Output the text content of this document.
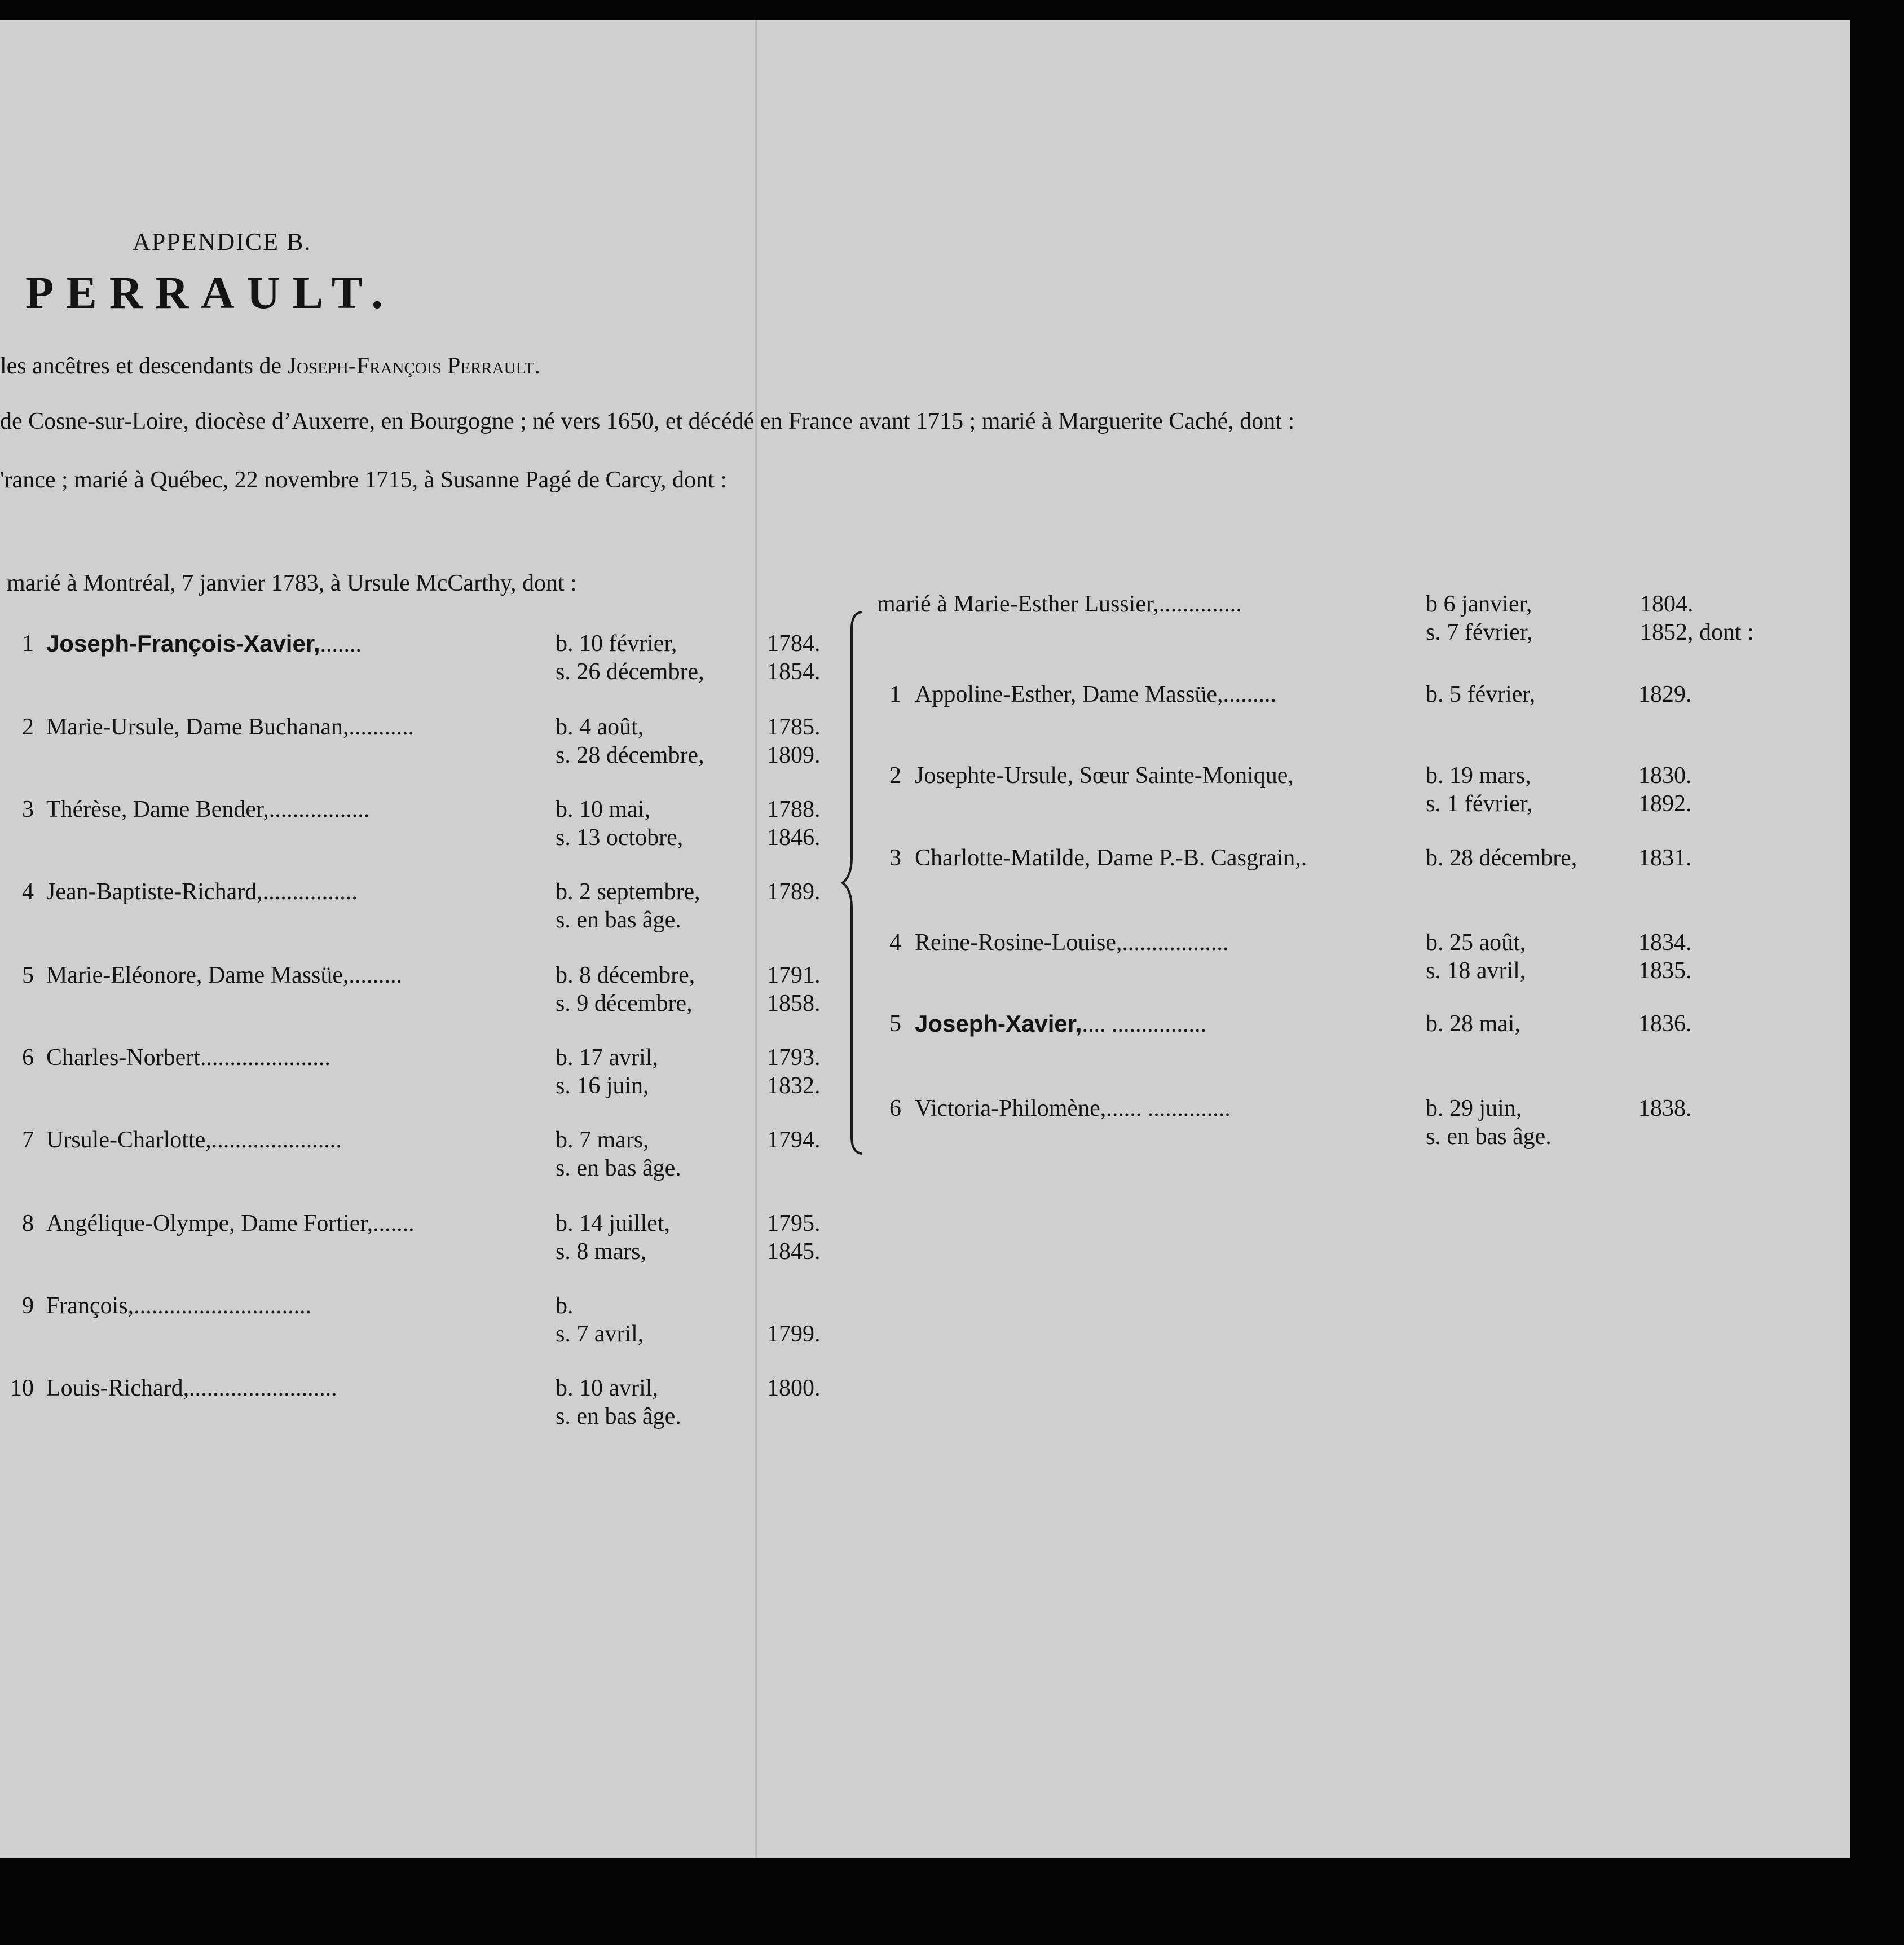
APPENDICE B.
PERRAULT.
les ancêtres et descendants de Joseph-François Perrault.
de Cosne-sur-Loire, diocèse d’Auxerre, en Bourgogne ; né vers 1650, et décédé en France avant 1715 ; marié à Marguerite Caché, dont :
'rance ; marié à Québec, 22 novembre 1715, à Susanne Pagé de Carcy, dont :
marié à Montréal, 7 janvier 1783, à Ursule McCarthy, dont :
1 Joseph-François-Xavier,.......	b. 10 février,	1784.
s. 26 décembre,	1854.
2 Marie-Ursule, Dame Buchanan,...........	b. 4 août,	1785.
s. 28 décembre,	1809.
3 Thérèse, Dame Bender,.................	b. 10 mai,	1788.
s. 13 octobre,	1846.
4 Jean-Baptiste-Richard,................	b. 2 septembre,	1789.
s. en bas âge.
5 Marie-Eléonore, Dame Massüe,.........	b. 8 décembre,	1791.
s. 9 décembre,	1858.
6 Charles-Norbert......................	b. 17 avril,	1793.
s. 16 juin,	1832.
7 Ursule-Charlotte,......................	b. 7 mars,	1794.
s. en bas âge.
8 Angélique-Olympe, Dame Fortier,.......	b. 14 juillet,	1795.
s. 8 mars,	1845.
9 François,..............................	b.
s. 7 avril,	1799.
10 Louis-Richard,.........................	b. 10 avril,	1800.
s. en bas âge.
marié à Marie-Esther Lussier,..............	b 6 janvier,	1804.
s. 7 février,	1852, dont :
1 Appoline-Esther, Dame Massüe,.........	b. 5 février,	1829.
2 Josephte-Ursule, Sœur Sainte-Monique,	b. 19 mars,	1830.
s. 1 février,	1892.
3 Charlotte-Matilde, Dame P.-B. Casgrain,.	b. 28 décembre,	1831.
4 Reine-Rosine-Louise,..................	b. 25 août,	1834.
s. 18 avril,	1835.
5 Joseph-Xavier,.... ................	b. 28 mai,	1836.
6 Victoria-Philomène,...... ..............	b. 29 juin,	1838.
s. en bas âge.
